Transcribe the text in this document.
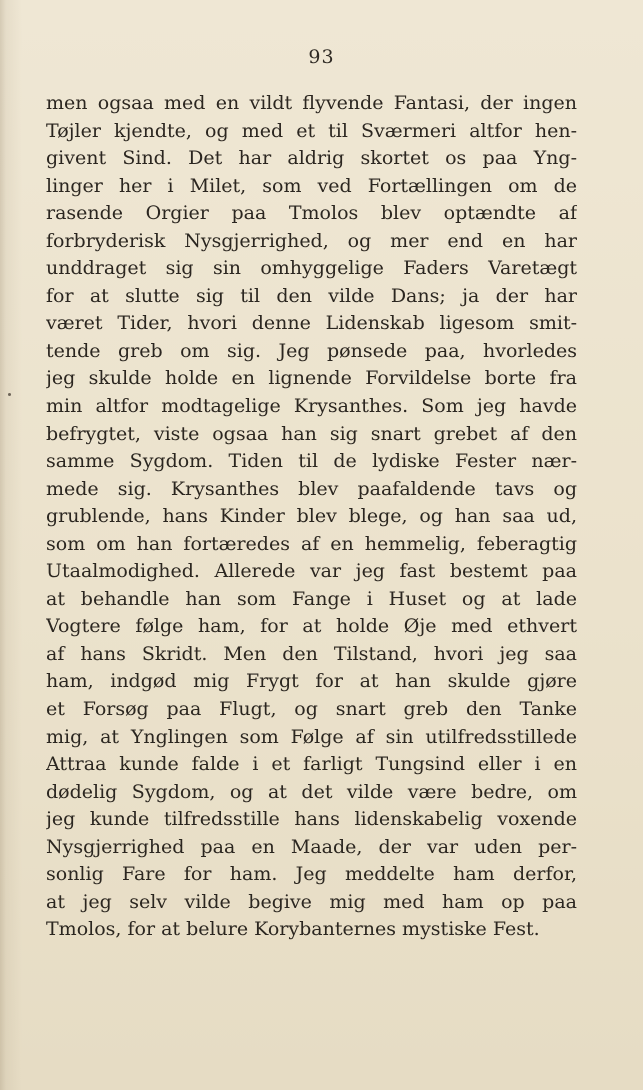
93
men ogsaa med en vildt flyvende Fantasi, der ingen
Tøjler kjendte, og med et til Sværmeri altfor hen-
givent Sind. Det har aldrig skortet os paa Yng-
linger her i Milet, som ved Fortællingen om de
rasende Orgier paa Tmolos blev optændte af
forbryderisk Nysgjerrighed, og mer end en har
unddraget sig sin omhyggelige Faders Varetægt
for at slutte sig til den vilde Dans; ja der har
været Tider, hvori denne Lidenskab ligesom smit-
tende greb om sig. Jeg pønsede paa, hvorledes
jeg skulde holde en lignende Forvildelse borte fra
min altfor modtagelige Krysanthes. Som jeg havde
befrygtet, viste ogsaa han sig snart grebet af den
samme Sygdom. Tiden til de lydiske Fester nær-
mede sig. Krysanthes blev paafaldende tavs og
grublende, hans Kinder blev blege, og han saa ud,
som om han fortæredes af en hemmelig, feberagtig
Utaalmodighed. Allerede var jeg fast bestemt paa
at behandle han som Fange i Huset og at lade
Vogtere følge ham, for at holde Øje med ethvert
af hans Skridt. Men den Tilstand, hvori jeg saa
ham, indgød mig Frygt for at han skulde gjøre
et Forsøg paa Flugt, og snart greb den Tanke
mig, at Ynglingen som Følge af sin utilfredsstillede
Attraa kunde falde i et farligt Tungsind eller i en
dødelig Sygdom, og at det vilde være bedre, om
jeg kunde tilfredsstille hans lidenskabelig voxende
Nysgjerrighed paa en Maade, der var uden per-
sonlig Fare for ham. Jeg meddelte ham derfor,
at jeg selv vilde begive mig med ham op paa
Tmolos, for at belure Korybanternes mystiske Fest.
